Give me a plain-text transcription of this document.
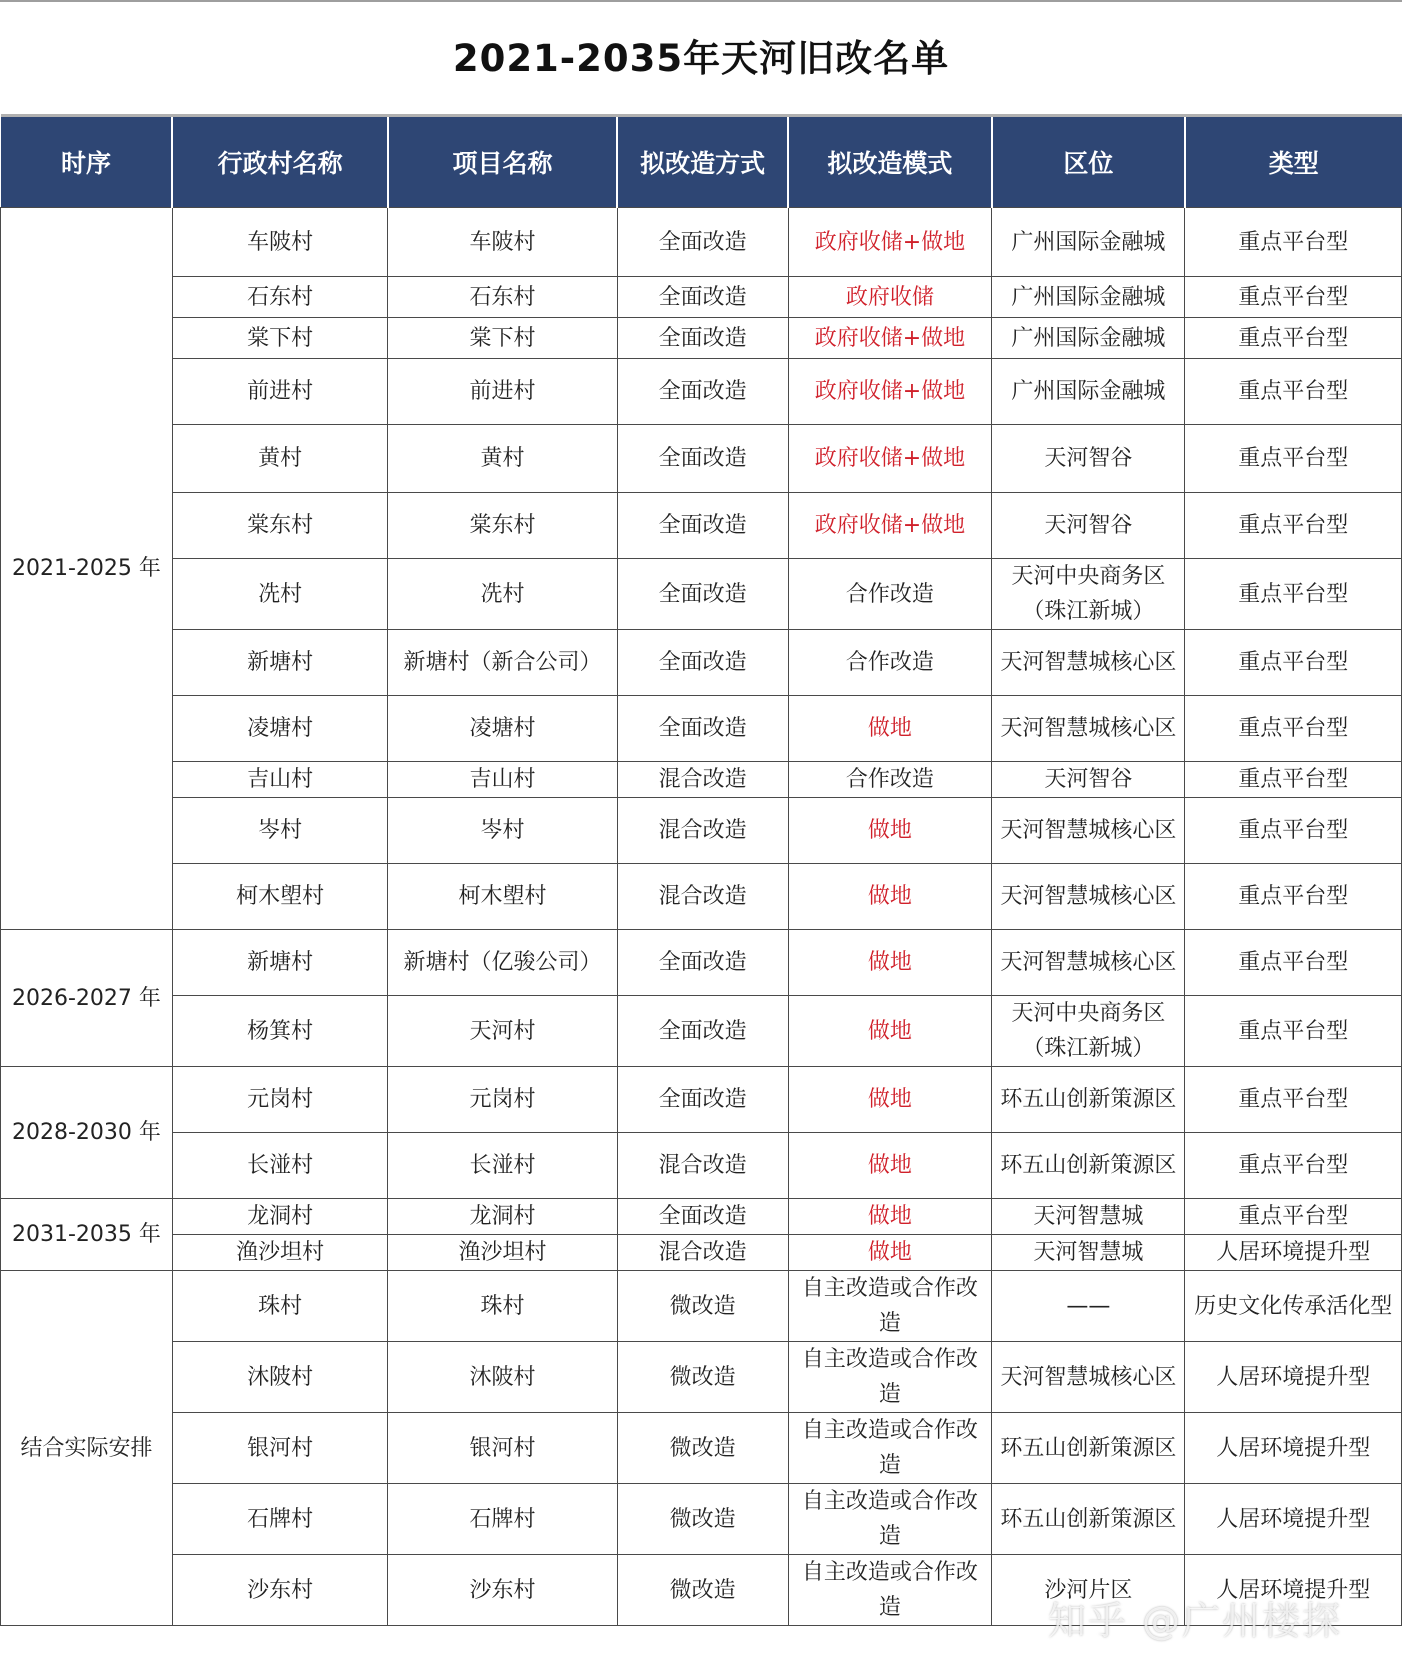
2021-2035年天河旧改名单
时序	行政村名称	项目名称	拟改造方式	拟改造模式	区位	类型
2021-2025 年	车陂村	车陂村	全面改造	政府收储+做地	广州国际金融城	重点平台型
	石东村	石东村	全面改造	政府收储	广州国际金融城	重点平台型
	棠下村	棠下村	全面改造	政府收储+做地	广州国际金融城	重点平台型
	前进村	前进村	全面改造	政府收储+做地	广州国际金融城	重点平台型
	黄村	黄村	全面改造	政府收储+做地	天河智谷	重点平台型
	棠东村	棠东村	全面改造	政府收储+做地	天河智谷	重点平台型
	冼村	冼村	全面改造	合作改造	天河中央商务区（珠江新城）	重点平台型
	新塘村	新塘村（新合公司）	全面改造	合作改造	天河智慧城核心区	重点平台型
	凌塘村	凌塘村	全面改造	做地	天河智慧城核心区	重点平台型
	吉山村	吉山村	混合改造	合作改造	天河智谷	重点平台型
	岑村	岑村	混合改造	做地	天河智慧城核心区	重点平台型
	柯木塱村	柯木塱村	混合改造	做地	天河智慧城核心区	重点平台型
2026-2027 年	新塘村	新塘村（亿骏公司）	全面改造	做地	天河智慧城核心区	重点平台型
	杨箕村	天河村	全面改造	做地	天河中央商务区（珠江新城）	重点平台型
2028-2030 年	元岗村	元岗村	全面改造	做地	环五山创新策源区	重点平台型
	长湴村	长湴村	混合改造	做地	环五山创新策源区	重点平台型
2031-2035 年	龙洞村	龙洞村	全面改造	做地	天河智慧城	重点平台型
	渔沙坦村	渔沙坦村	混合改造	做地	天河智慧城	人居环境提升型
结合实际安排	珠村	珠村	微改造	自主改造或合作改造	——	历史文化传承活化型
	沐陂村	沐陂村	微改造	自主改造或合作改造	天河智慧城核心区	人居环境提升型
	银河村	银河村	微改造	自主改造或合作改造	环五山创新策源区	人居环境提升型
	石牌村	石牌村	微改造	自主改造或合作改造	环五山创新策源区	人居环境提升型
	沙东村	沙东村	微改造	自主改造或合作改造	沙河片区	人居环境提升型
知乎 @广州楼探
